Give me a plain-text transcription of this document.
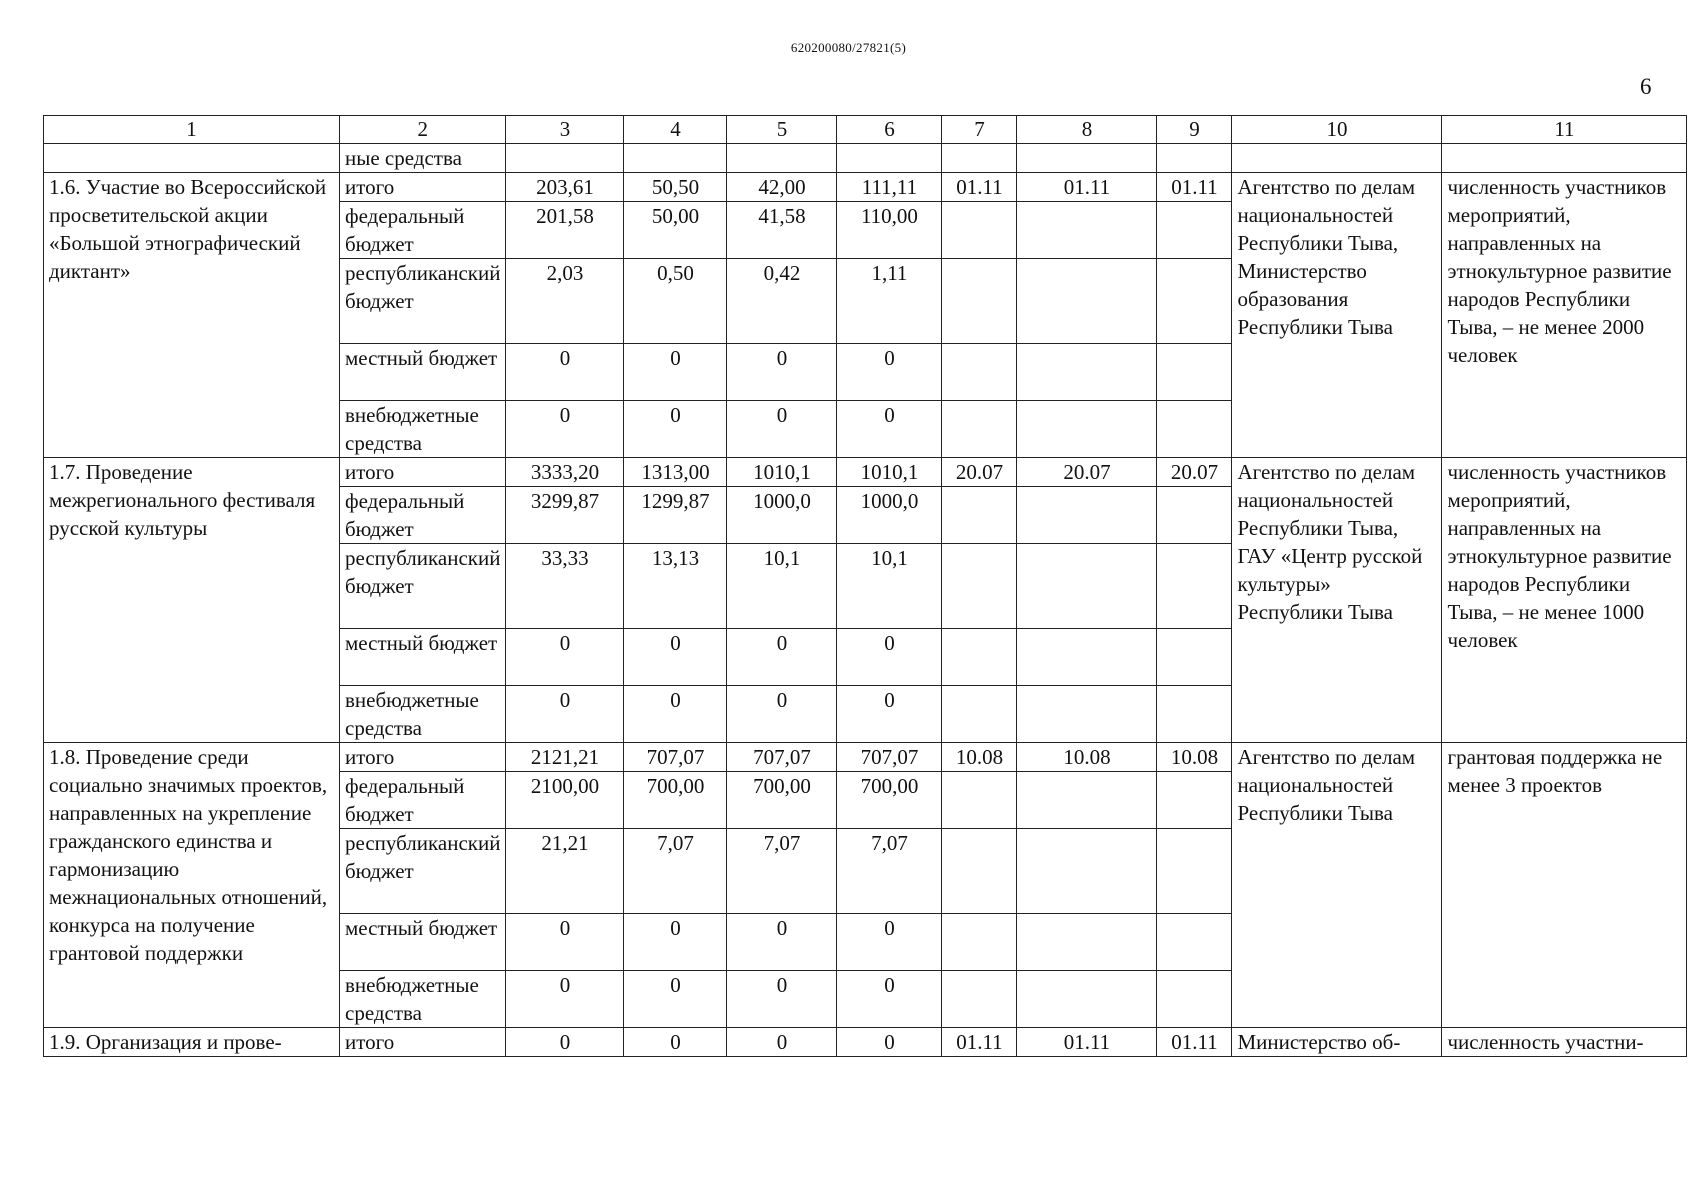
620200080/27821(5)
6
1	2	3	4	5	6	7	8	9	10	11
	ные средства									
1.6. Участие во Всероссийской просветительской акции «Большой этнографический диктант»	итого	203,61	50,50	42,00	111,11	01.11	01.11	01.11	Агентство по делам национальностей Республики Тыва, Министерство образования Республики Тыва	численность участников мероприятий, направленных на этнокультурное развитие народов Республики Тыва, – не менее 2000 человек
	федеральный бюджет	201,58	50,00	41,58	110,00					
	республиканский бюджет	2,03	0,50	0,42	1,11					
	местный бюджет	0	0	0	0					
	внебюджетные средства	0	0	0	0					
1.7. Проведение межрегионального фестиваля русской культуры	итого	3333,20	1313,00	1010,1	1010,1	20.07	20.07	20.07	Агентство по делам национальностей Республики Тыва, ГАУ «Центр русской культуры» Республики Тыва	численность участников мероприятий, направленных на этнокультурное развитие народов Республики Тыва, – не менее 1000 человек
	федеральный бюджет	3299,87	1299,87	1000,0	1000,0					
	республиканский бюджет	33,33	13,13	10,1	10,1					
	местный бюджет	0	0	0	0					
	внебюджетные средства	0	0	0	0					
1.8. Проведение среди социально значимых проектов, направленных на укрепление гражданского единства и гармонизацию межнациональных отношений, конкурса на получение грантовой поддержки	итого	2121,21	707,07	707,07	707,07	10.08	10.08	10.08	Агентство по делам национальностей Республики Тыва	грантовая поддержка не менее 3 проектов
	федеральный бюджет	2100,00	700,00	700,00	700,00					
	республиканский бюджет	21,21	7,07	7,07	7,07					
	местный бюджет	0	0	0	0					
	внебюджетные средства	0	0	0	0					
1.9. Организация и прове-	итого	0	0	0	0	01.11	01.11	01.11	Министерство об-	численность участни-
